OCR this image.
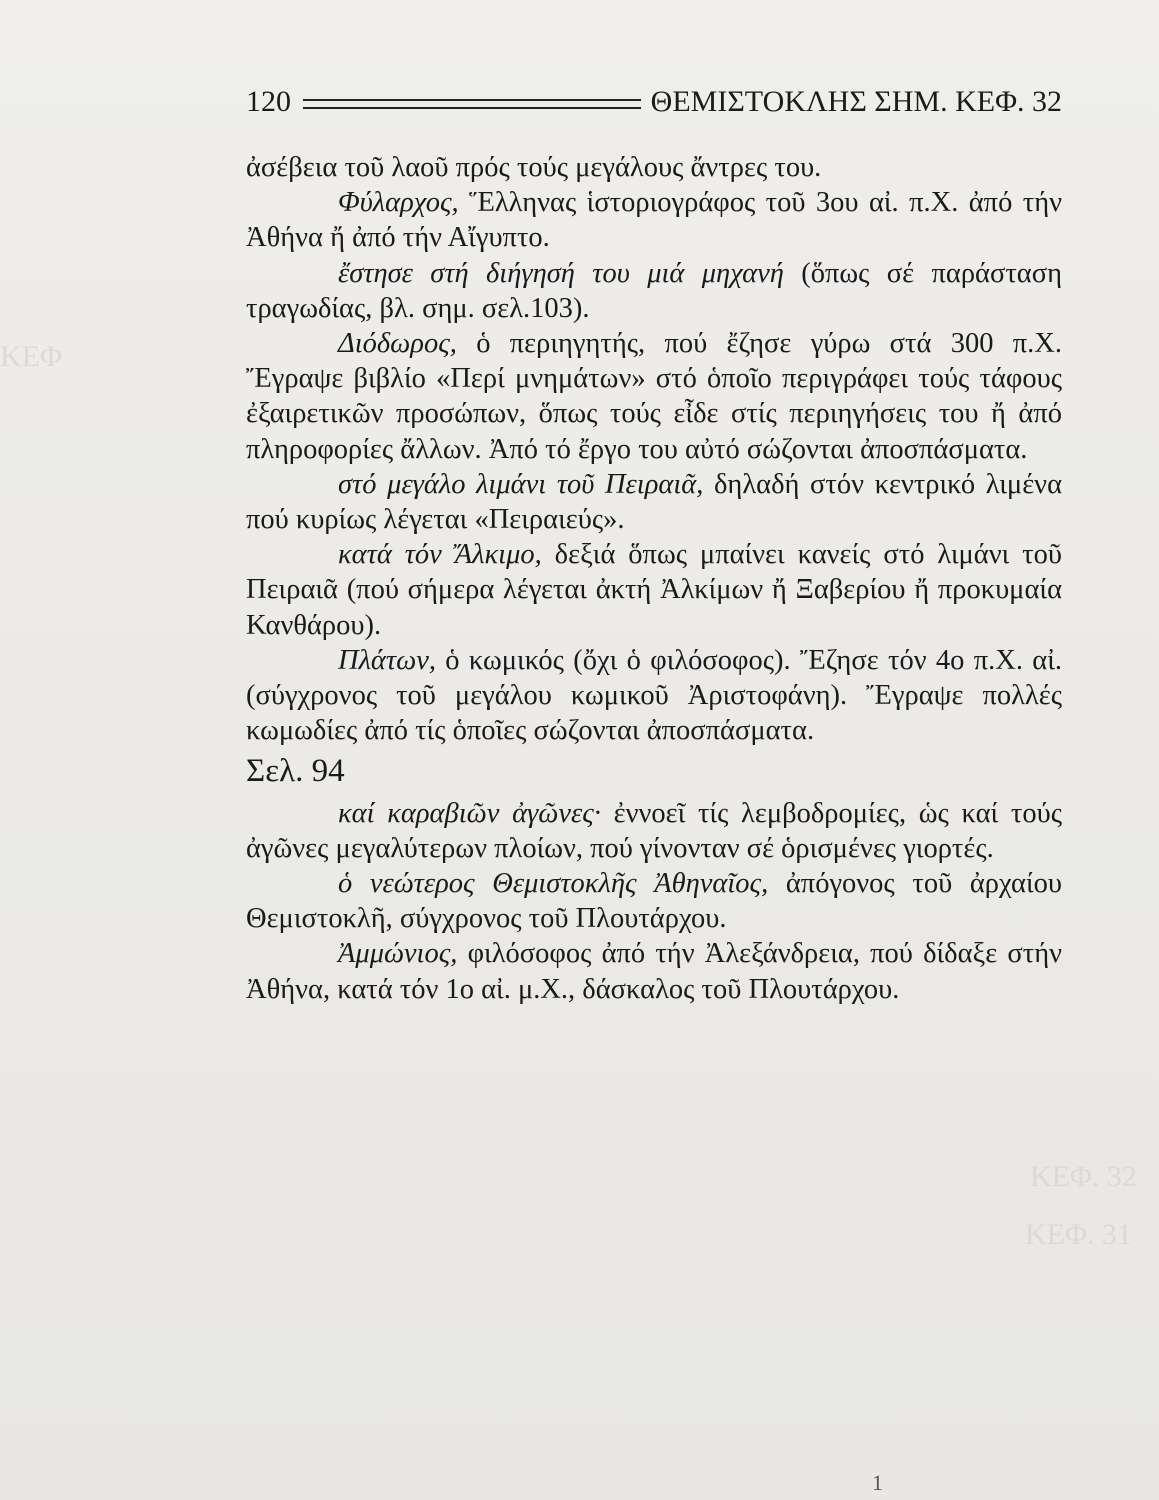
ΚΕΦ
ΚΕΦ. 32
ΚΕΦ. 31
120	ΘΕΜΙΣΤΟΚΛΗΣ ΣΗΜ. ΚΕΦ. 32

ἀσέβεια τοῦ λαοῦ πρός τούς μεγάλους ἄντρες του.

Φύλαρχος, Ἕλληνας ἱστοριογράφος τοῦ 3ου αἰ. π.Χ. ἀπό τήν Ἀθήνα ἤ ἀπό τήν Αἴγυπτο.

ἔστησε στή διήγησή του μιά μηχανή (ὅπως σέ παράσταση τραγωδίας, βλ. σημ. σελ.103).

Διόδωρος, ὁ περιηγητής, πού ἔζησε γύρω στά 300 π.Χ. Ἔγραψε βιβλίο «Περί μνημάτων» στό ὁποῖο περιγράφει τούς τάφους ἐξαιρετικῶν προσώπων, ὅπως τούς εἶδε στίς περιηγήσεις του ἤ ἀπό πληροφορίες ἄλλων. Ἀπό τό ἔργο του αὐτό σώζονται ἀποσπάσματα.

στό μεγάλο λιμάνι τοῦ Πειραιᾶ, δηλαδή στόν κεντρικό λιμένα πού κυρίως λέγεται «Πειραιεύς».

κατά τόν Ἄλκιμο, δεξιά ὅπως μπαίνει κανείς στό λιμάνι τοῦ Πειραιᾶ (πού σήμερα λέγεται ἀκτή Ἀλκίμων ἤ Ξαβερίου ἤ προκυμαία Κανθάρου).

Πλάτων, ὁ κωμικός (ὄχι ὁ φιλόσοφος). Ἔζησε τόν 4ο π.Χ. αἰ. (σύγχρονος τοῦ μεγάλου κωμικοῦ Ἀριστοφάνη). Ἔγραψε πολλές κωμωδίες ἀπό τίς ὁποῖες σώζονται ἀποσπάσματα.

Σελ. 94

καί καραβιῶν ἀγῶνες· ἐννοεῖ τίς λεμβοδρομίες, ὡς καί τούς ἀγῶνες μεγαλύτερων πλοίων, πού γίνονταν σέ ὁρισμένες γιορτές.

ὁ νεώτερος Θεμιστοκλῆς Ἀθηναῖος, ἀπόγονος τοῦ ἀρχαίου Θεμιστοκλῆ, σύγχρονος τοῦ Πλουτάρχου.

Ἀμμώνιος, φιλόσοφος ἀπό τήν Ἀλεξάνδρεια, πού δίδαξε στήν Ἀθήνα, κατά τόν 1ο αἰ. μ.Χ., δάσκαλος τοῦ Πλουτάρχου.

1
